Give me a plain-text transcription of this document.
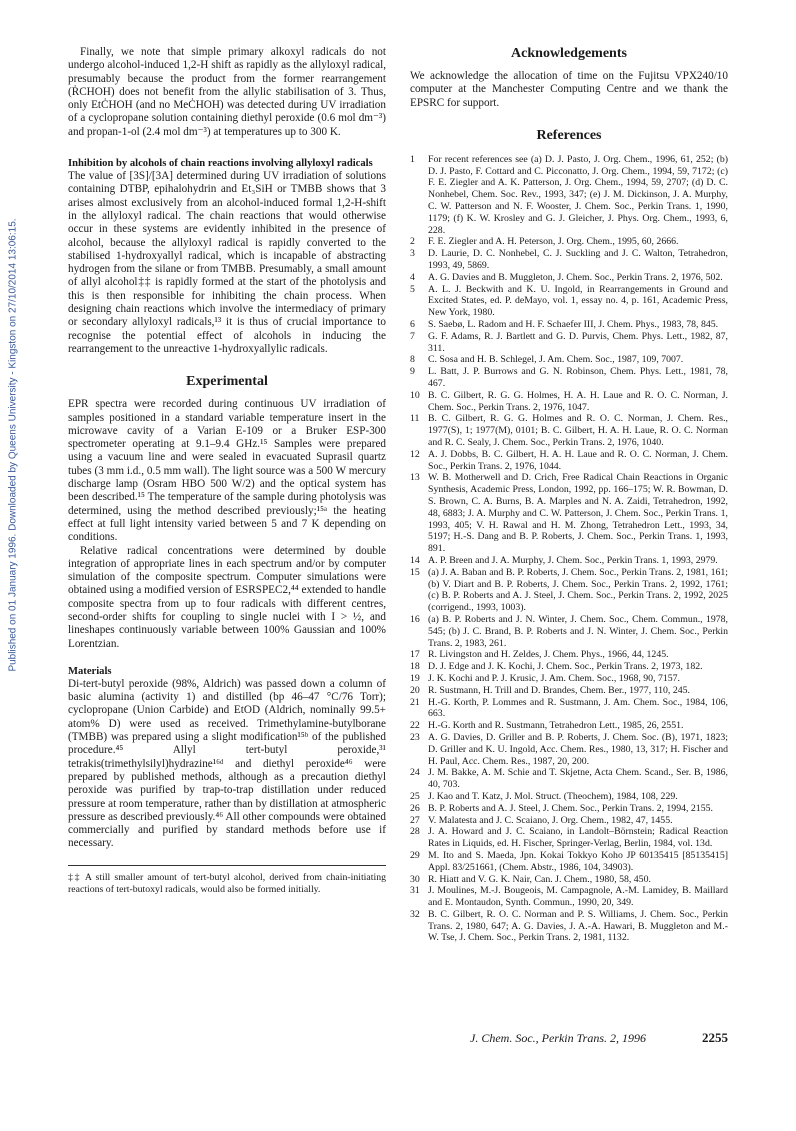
Published on 01 January 1996. Downloaded by Queens University - Kingston on 27/10/2014 13:06:15.

Finally, we note that simple primary alkoxyl radicals do not undergo alcohol-induced 1,2-H shift as rapidly as the allyloxyl radical, presumably because the product from the former rearrangement (ṘCHOH) does not benefit from the allylic stabilisation of 3. Thus, only EtĊHOH (and no MeĊHOH) was detected during UV irradiation of a cyclopropane solution containing diethyl peroxide (0.6 mol dm⁻³) and propan-1-ol (2.4 mol dm⁻³) at temperatures up to 300 K.

Inhibition by alcohols of chain reactions involving allyloxyl radicals

The value of [3S]/[3A] determined during UV irradiation of solutions containing DTBP, epihalohydrin and Et₃SiH or TMBB shows that 3 arises almost exclusively from an alcohol-induced formal 1,2-H-shift in the allyloxyl radical. The chain reactions that would otherwise occur in these systems are evidently inhibited in the presence of alcohol, because the allyloxyl radical is rapidly converted to the stabilised 1-hydroxyallyl radical, which is incapable of abstracting hydrogen from the silane or from TMBB. Presumably, a small amount of allyl alcohol‡‡ is rapidly formed at the start of the photolysis and this is then responsible for inhibiting the chain process. When designing chain reactions which involve the intermediacy of primary or secondary allyloxyl radicals,¹³ it is thus of crucial importance to recognise the potential effect of alcohols in inducing the rearrangement to the unreactive 1-hydroxyallylic radicals.

Experimental

EPR spectra were recorded during continuous UV irradiation of samples positioned in a standard variable temperature insert in the microwave cavity of a Varian E-109 or a Bruker ESP-300 spectrometer operating at 9.1–9.4 GHz.¹⁵ Samples were prepared using a vacuum line and were sealed in evacuated Suprasil quartz tubes (3 mm i.d., 0.5 mm wall). The light source was a 500 W mercury discharge lamp (Osram HBO 500 W/2) and the optical system has been described.¹⁵ The temperature of the sample during photolysis was determined, using the method described previously;¹⁵ᵃ the heating effect at full light intensity varied between 5 and 7 K depending on conditions.

Relative radical concentrations were determined by double integration of appropriate lines in each spectrum and/or by computer simulation of the composite spectrum. Computer simulations were obtained using a modified version of ESRSPEC2,⁴⁴ extended to handle composite spectra from up to four radicals with different centres, second-order shifts for coupling to single nuclei with I > ½, and lineshapes continuously variable between 100% Gaussian and 100% Lorentzian.

Materials

Di-tert-butyl peroxide (98%, Aldrich) was passed down a column of basic alumina (activity 1) and distilled (bp 46–47 °C/76 Torr); cyclopropane (Union Carbide) and EtOD (Aldrich, nominally 99.5+ atom% D) were used as received. Trimethylamine-butylborane (TMBB) was prepared using a slight modification¹⁵ᵇ of the published procedure.⁴⁵ Allyl tert-butyl peroxide,³¹ tetrakis(trimethylsilyl)hydrazine¹⁶ᵈ and diethyl peroxide⁴⁶ were prepared by published methods, although as a precaution diethyl peroxide was purified by trap-to-trap distillation under reduced pressure at room temperature, rather than by distillation at atmospheric pressure as described previously.⁴⁶ All other compounds were obtained commercially and purified by standard methods before use if necessary.

‡‡ A still smaller amount of tert-butyl alcohol, derived from chain-initiating reactions of tert-butoxyl radicals, would also be formed initially.

Acknowledgements

We acknowledge the allocation of time on the Fujitsu VPX240/10 computer at the Manchester Computing Centre and we thank the EPSRC for support.

References
1	For recent references see (a) D. J. Pasto, J. Org. Chem., 1996, 61, 252; (b) D. J. Pasto, F. Cottard and C. Picconatto, J. Org. Chem., 1994, 59, 7172; (c) F. E. Ziegler and A. K. Patterson, J. Org. Chem., 1994, 59, 2707; (d) D. C. Nonhebel, Chem. Soc. Rev., 1993, 347; (e) J. M. Dickinson, J. A. Murphy, C. W. Patterson and N. F. Wooster, J. Chem. Soc., Perkin Trans. 1, 1990, 1179; (f) K. W. Krosley and G. J. Gleicher, J. Phys. Org. Chem., 1993, 6, 228.
2	F. E. Ziegler and A. H. Peterson, J. Org. Chem., 1995, 60, 2666.
3	D. Laurie, D. C. Nonhebel, C. J. Suckling and J. C. Walton, Tetrahedron, 1993, 49, 5869.
4	A. G. Davies and B. Muggleton, J. Chem. Soc., Perkin Trans. 2, 1976, 502.
5	A. L. J. Beckwith and K. U. Ingold, in Rearrangements in Ground and Excited States, ed. P. deMayo, vol. 1, essay no. 4, p. 161, Academic Press, New York, 1980.
6	S. Saebø, L. Radom and H. F. Schaefer III, J. Chem. Phys., 1983, 78, 845.
7	G. F. Adams, R. J. Bartlett and G. D. Purvis, Chem. Phys. Lett., 1982, 87, 311.
8	C. Sosa and H. B. Schlegel, J. Am. Chem. Soc., 1987, 109, 7007.
9	L. Batt, J. P. Burrows and G. N. Robinson, Chem. Phys. Lett., 1981, 78, 467.
10 B. C. Gilbert, R. G. G. Holmes, H. A. H. Laue and R. O. C. Norman, J. Chem. Soc., Perkin Trans. 2, 1976, 1047.
11 B. C. Gilbert, R. G. G. Holmes and R. O. C. Norman, J. Chem. Res., 1977(S), 1; 1977(M), 0101; B. C. Gilbert, H. A. H. Laue, R. O. C. Norman and R. C. Sealy, J. Chem. Soc., Perkin Trans. 2, 1976, 1040.
12 A. J. Dobbs, B. C. Gilbert, H. A. H. Laue and R. O. C. Norman, J. Chem. Soc., Perkin Trans. 2, 1976, 1044.
13 W. B. Motherwell and D. Crich, Free Radical Chain Reactions in Organic Synthesis, Academic Press, London, 1992, pp. 166–175; W. R. Bowman, D. S. Brown, C. A. Burns, B. A. Marples and N. A. Zaidi, Tetrahedron, 1992, 48, 6883; J. A. Murphy and C. W. Patterson, J. Chem. Soc., Perkin Trans. 1, 1993, 405; V. H. Rawal and H. M. Zhong, Tetrahedron Lett., 1993, 34, 5197; H.-S. Dang and B. P. Roberts, J. Chem. Soc., Perkin Trans. 1, 1993, 891.
14 A. P. Breen and J. A. Murphy, J. Chem. Soc., Perkin Trans. 1, 1993, 2979.
15 (a) J. A. Baban and B. P. Roberts, J. Chem. Soc., Perkin Trans. 2, 1981, 161; (b) V. Diart and B. P. Roberts, J. Chem. Soc., Perkin Trans. 2, 1992, 1761; (c) B. P. Roberts and A. J. Steel, J. Chem. Soc., Perkin Trans. 2, 1992, 2025 (corrigend., 1993, 1003).
16 (a) B. P. Roberts and J. N. Winter, J. Chem. Soc., Chem. Commun., 1978, 545; (b) J. C. Brand, B. P. Roberts and J. N. Winter, J. Chem. Soc., Perkin Trans. 2, 1983, 261.
17 R. Livingston and H. Zeldes, J. Chem. Phys., 1966, 44, 1245.
18 D. J. Edge and J. K. Kochi, J. Chem. Soc., Perkin Trans. 2, 1973, 182.
19 J. K. Kochi and P. J. Krusic, J. Am. Chem. Soc., 1968, 90, 7157.
20 R. Sustmann, H. Trill and D. Brandes, Chem. Ber., 1977, 110, 245.
21 H.-G. Korth, P. Lommes and R. Sustmann, J. Am. Chem. Soc., 1984, 106, 663.
22 H.-G. Korth and R. Sustmann, Tetrahedron Lett., 1985, 26, 2551.
23 A. G. Davies, D. Griller and B. P. Roberts, J. Chem. Soc. (B), 1971, 1823; D. Griller and K. U. Ingold, Acc. Chem. Res., 1980, 13, 317; H. Fischer and H. Paul, Acc. Chem. Res., 1987, 20, 200.
24 J. M. Bakke, A. M. Schie and T. Skjetne, Acta Chem. Scand., Ser. B, 1986, 40, 703.
25 J. Kao and T. Katz, J. Mol. Struct. (Theochem), 1984, 108, 229.
26 B. P. Roberts and A. J. Steel, J. Chem. Soc., Perkin Trans. 2, 1994, 2155.
27 V. Malatesta and J. C. Scaiano, J. Org. Chem., 1982, 47, 1455.
28 J. A. Howard and J. C. Scaiano, in Landolt–Börnstein; Radical Reaction Rates in Liquids, ed. H. Fischer, Springer-Verlag, Berlin, 1984, vol. 13d.
29 M. Ito and S. Maeda, Jpn. Kokai Tokkyo Koho JP 60135415 [85135415] Appl. 83/251661, (Chem. Abstr., 1986, 104, 34903).
30 R. Hiatt and V. G. K. Nair, Can. J. Chem., 1980, 58, 450.
31 J. Moulines, M.-J. Bougeois, M. Campagnole, A.-M. Lamidey, B. Maillard and E. Montaudon, Synth. Commun., 1990, 20, 349.
32 B. C. Gilbert, R. O. C. Norman and P. S. Williams, J. Chem. Soc., Perkin Trans. 2, 1980, 647; A. G. Davies, J. A.-A. Hawari, B. Muggleton and M.-W. Tse, J. Chem. Soc., Perkin Trans. 2, 1981, 1132.
J. Chem. Soc., Perkin Trans. 2, 1996	2255
